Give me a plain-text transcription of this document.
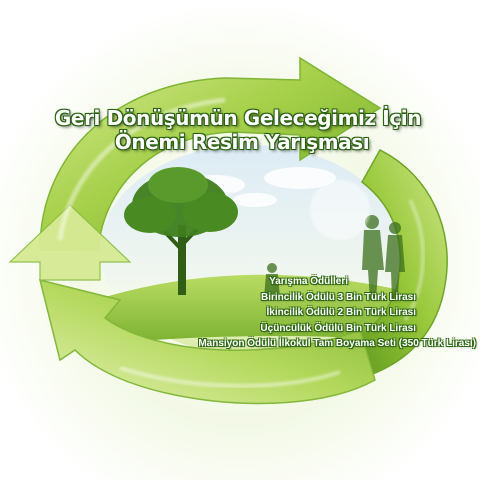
Geri Dönüşümün Geleceğimiz İçin
Önemi Resim Yarışması
Yarışma Ödülleri
Birincilik Ödülü 3 Bin Türk Lirası
İkincilik Ödülü 2 Bin Türk Lirası
Üçüncülük Ödülü Bin Türk Lirası
Mansiyon Ödülü İlkokul Tam Boyama Seti (350 Türk Lirası)
